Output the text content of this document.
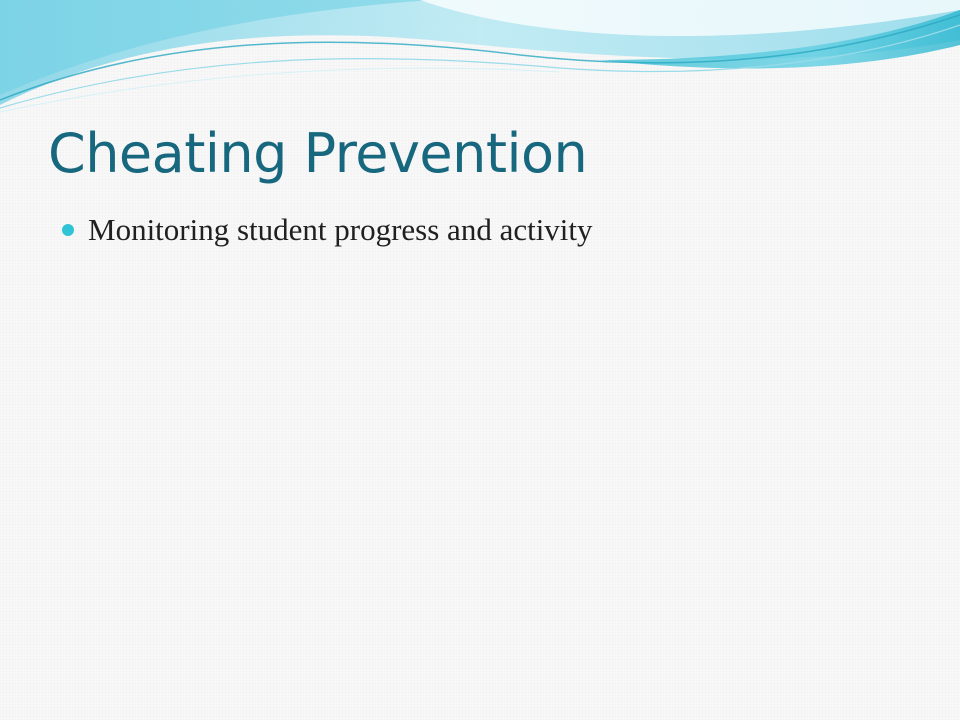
Cheating Prevention
Monitoring student progress and activity
